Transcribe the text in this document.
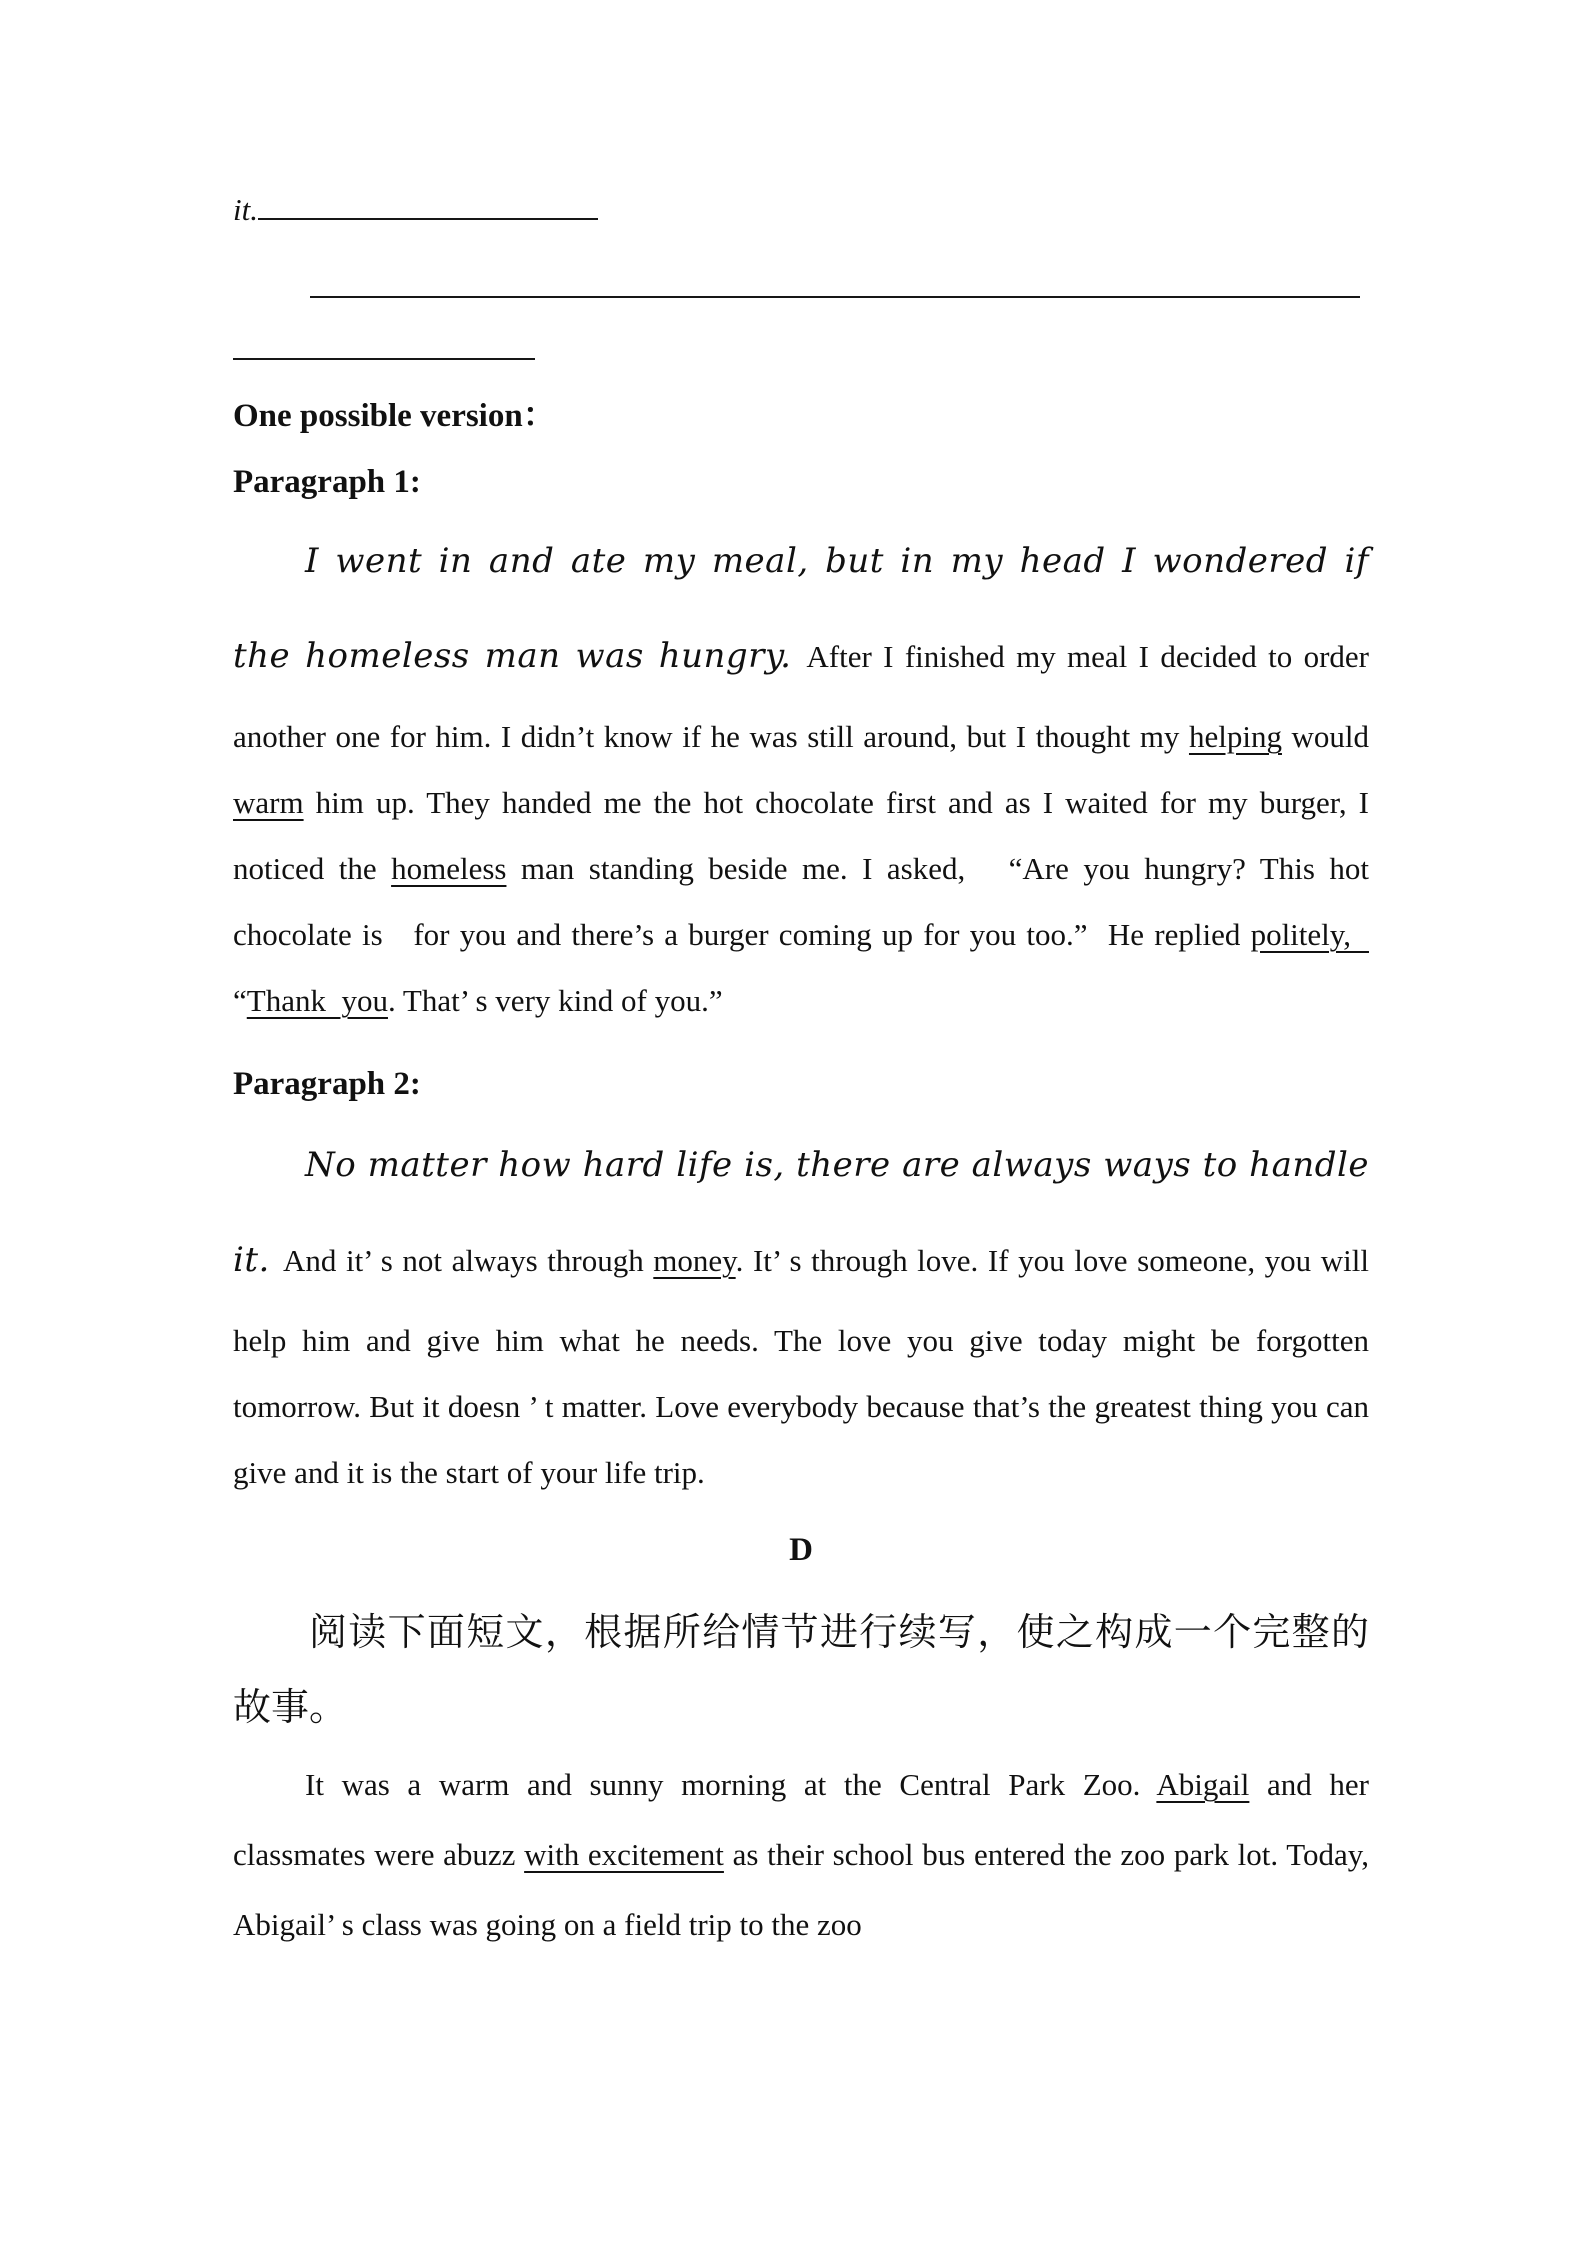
it.
One possible version：
Paragraph 1:

I went in and ate my meal, but in my head I wondered if the homeless man was hungry. After I finished my meal I decided to order another one for him. I didn’t know if he was still around, but I thought my helping would warm him up. They handed me the hot chocolate first and as I waited for my burger, I noticed the homeless man standing beside me. I asked,   “Are you hungry? This hot chocolate is   for you and there’s a burger coming up for you too.”  He replied politely,   “Thank  you. That’ s very kind of you.”

Paragraph 2:

No matter how hard life is, there are always ways to handle it. And it’ s not always through money. It’ s through love. If you love someone, you will help him and give him what he needs. The love you give today might be forgotten tomorrow. But it doesn ’ t matter. Love everybody because that’s the greatest thing you can give and it is the start of your life trip.

D

阅读下面短文，根据所给情节进行续写，使之构成一个完整的故事。

It was a warm and sunny morning at the Central Park Zoo. Abigail and her classmates were abuzz with excitement as their school bus entered the zoo park lot. Today, Abigail’ s class was going on a field trip to the zoo
